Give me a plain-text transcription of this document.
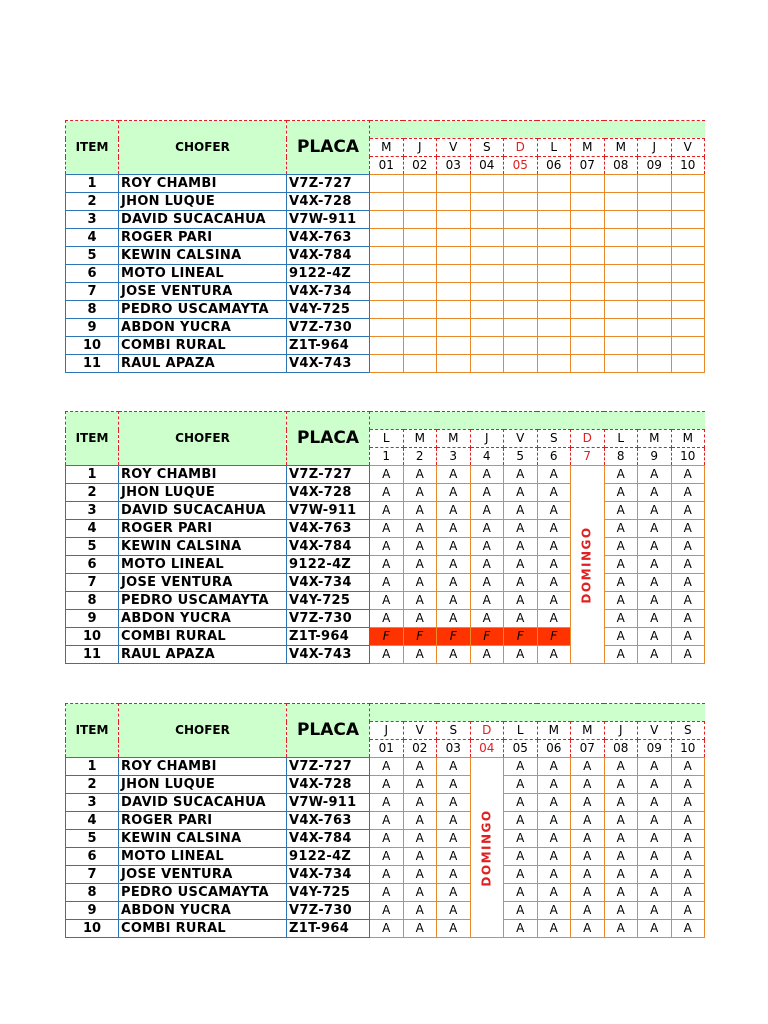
ITEM	CHOFER	PLACA										
			M	J	V	S	D	L	M	M	J	V
			01	02	03	04	05	06	07	08	09	10
1	ROY CHAMBI	V7Z-727										
2	JHON LUQUE	V4X-728										
3	DAVID SUCACAHUA	V7W-911										
4	ROGER PARI	V4X-763										
5	KEWIN CALSINA	V4X-784										
6	MOTO LINEAL	9122-4Z										
7	JOSE VENTURA	V4X-734										
8	PEDRO USCAMAYTA	V4Y-725										
9	ABDON YUCRA	V7Z-730										
10	COMBI RURAL	Z1T-964										
11	RAUL APAZA	V4X-743										
ITEM	CHOFER	PLACA										
			L	M	M	J	V	S	D	L	M	M
			1	2	3	4	5	6	7	8	9	10
1	ROY CHAMBI	V7Z-727	A	A	A	A	A	A	DOMINGO	A	A	A
2	JHON LUQUE	V4X-728	A	A	A	A	A	A		A	A	A
3	DAVID SUCACAHUA	V7W-911	A	A	A	A	A	A		A	A	A
4	ROGER PARI	V4X-763	A	A	A	A	A	A		A	A	A
5	KEWIN CALSINA	V4X-784	A	A	A	A	A	A		A	A	A
6	MOTO LINEAL	9122-4Z	A	A	A	A	A	A		A	A	A
7	JOSE VENTURA	V4X-734	A	A	A	A	A	A		A	A	A
8	PEDRO USCAMAYTA	V4Y-725	A	A	A	A	A	A		A	A	A
9	ABDON YUCRA	V7Z-730	A	A	A	A	A	A		A	A	A
10	COMBI RURAL	Z1T-964	F	F	F	F	F	F		A	A	A
11	RAUL APAZA	V4X-743	A	A	A	A	A	A		A	A	A
ITEM	CHOFER	PLACA										
			J	V	S	D	L	M	M	J	V	S
			01	02	03	04	05	06	07	08	09	10
1	ROY CHAMBI	V7Z-727	A	A	A	DOMINGO	A	A	A	A	A	A
2	JHON LUQUE	V4X-728	A	A	A		A	A	A	A	A	A
3	DAVID SUCACAHUA	V7W-911	A	A	A		A	A	A	A	A	A
4	ROGER PARI	V4X-763	A	A	A		A	A	A	A	A	A
5	KEWIN CALSINA	V4X-784	A	A	A		A	A	A	A	A	A
6	MOTO LINEAL	9122-4Z	A	A	A		A	A	A	A	A	A
7	JOSE VENTURA	V4X-734	A	A	A		A	A	A	A	A	A
8	PEDRO USCAMAYTA	V4Y-725	A	A	A		A	A	A	A	A	A
9	ABDON YUCRA	V7Z-730	A	A	A		A	A	A	A	A	A
10	COMBI RURAL	Z1T-964	A	A	A		A	A	A	A	A	A
